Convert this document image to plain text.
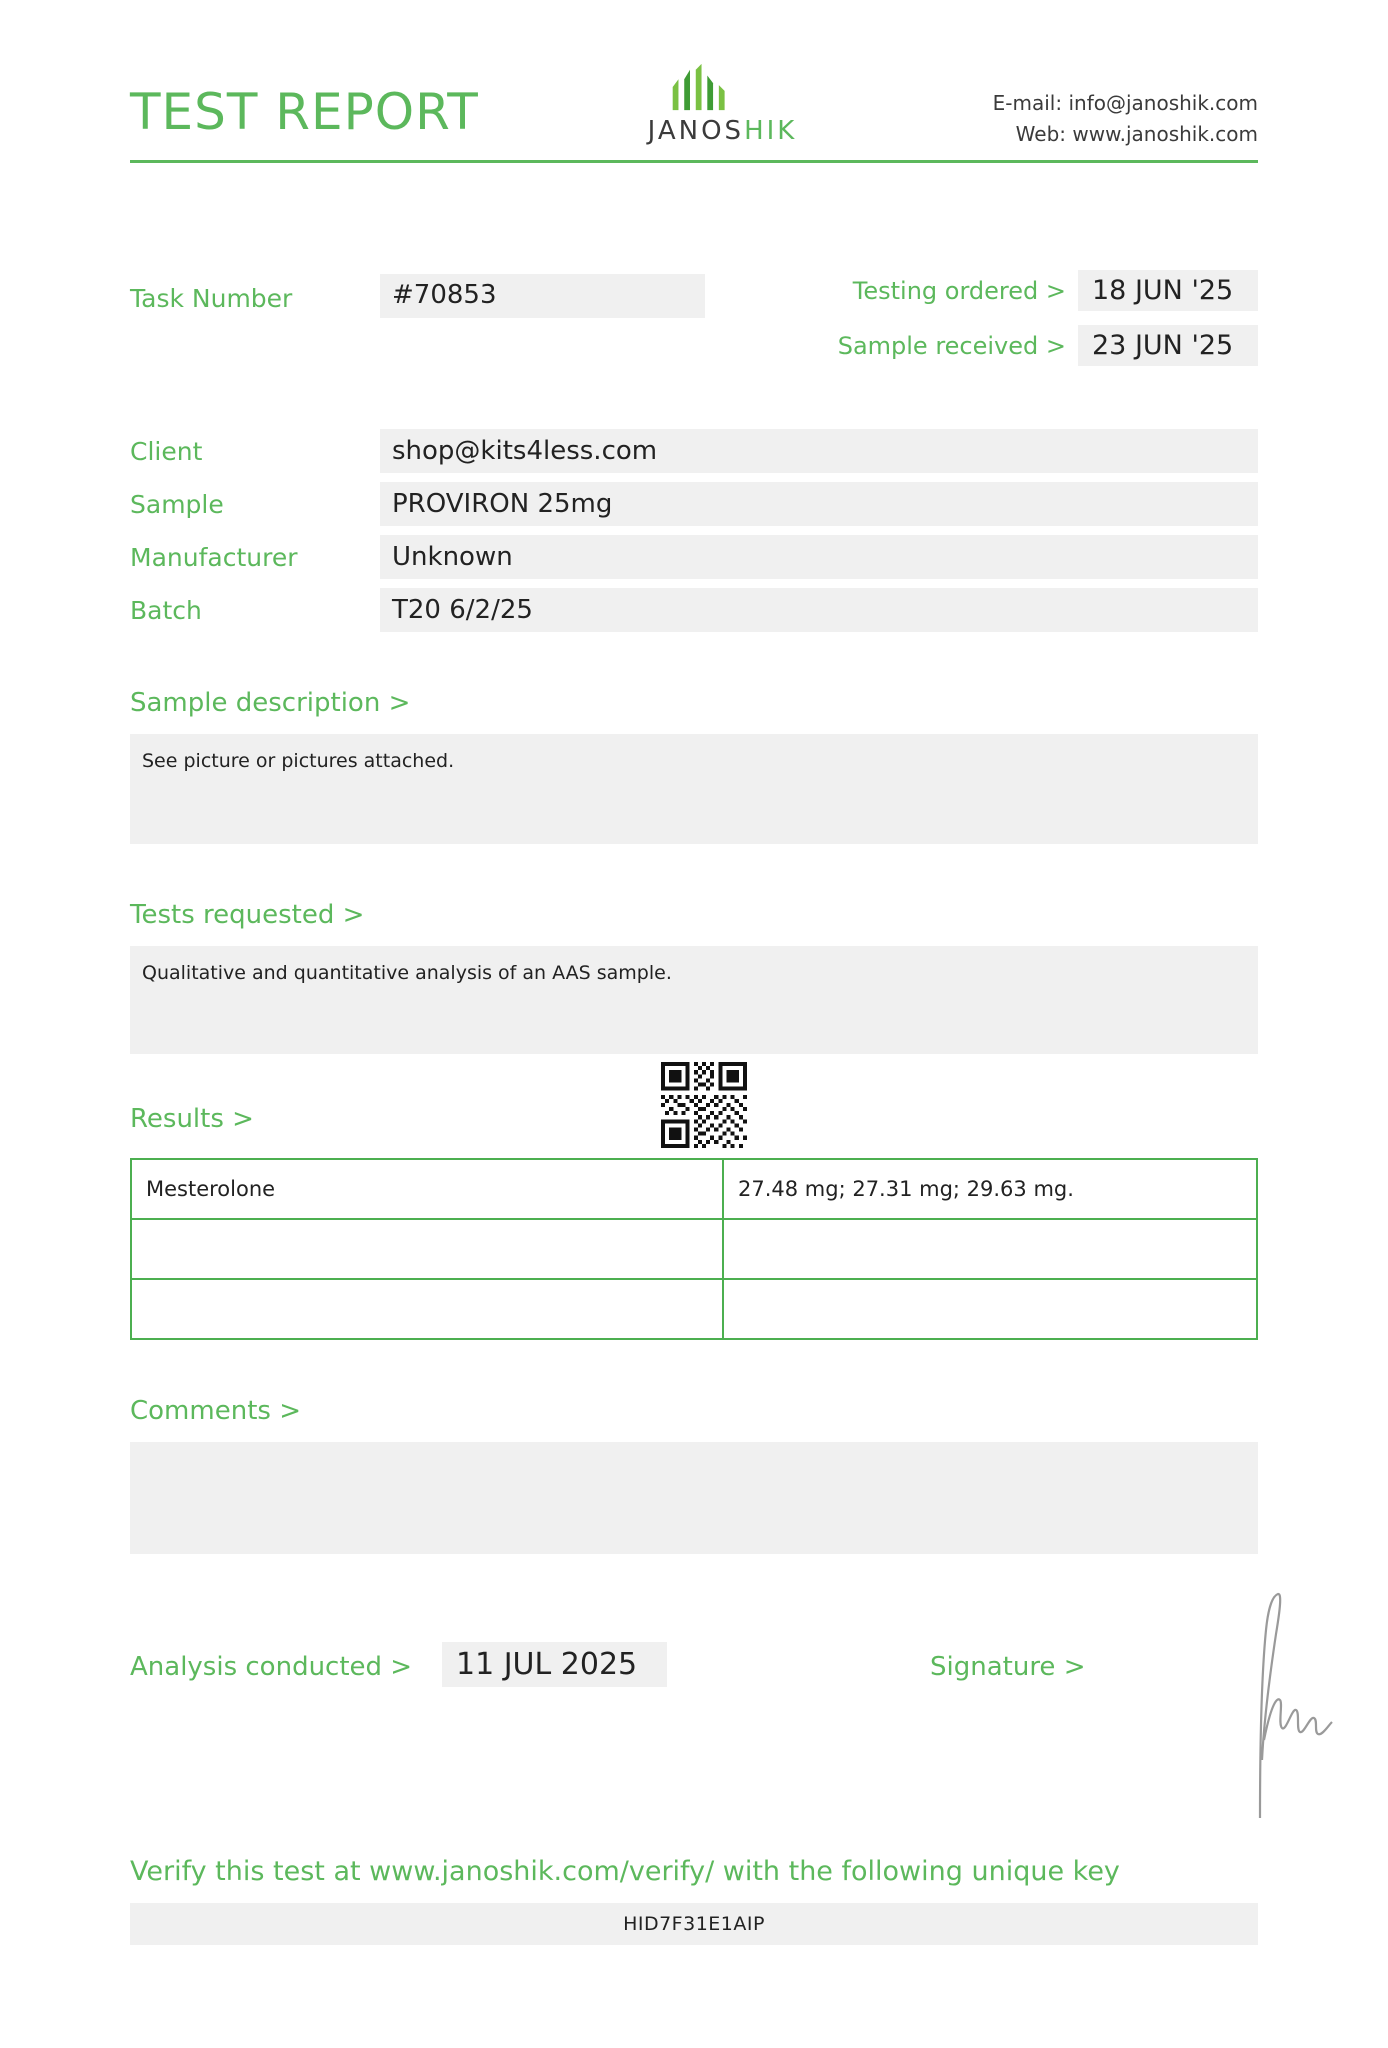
TEST REPORT	JANOSHIK
E-mail: info@janoshik.com
Web: www.janoshik.com
Task Number	#70853	Testing ordered > 18 JUN '25
Sample received > 23 JUN '25
Client	shop@kits4less.com
Sample	PROVIRON 25mg
Manufacturer	Unknown
Batch	T20 6/2/25
Sample description >
See picture or pictures attached.
Tests requested >
Qualitative and quantitative analysis of an AAS sample.
Results >
Mesterolone	27.48 mg; 27.31 mg; 29.63 mg.

Comments >
Analysis conducted >	11 JUL 2025	Signature >
Verify this test at www.janoshik.com/verify/ with the following unique key
HID7F31E1AIP
